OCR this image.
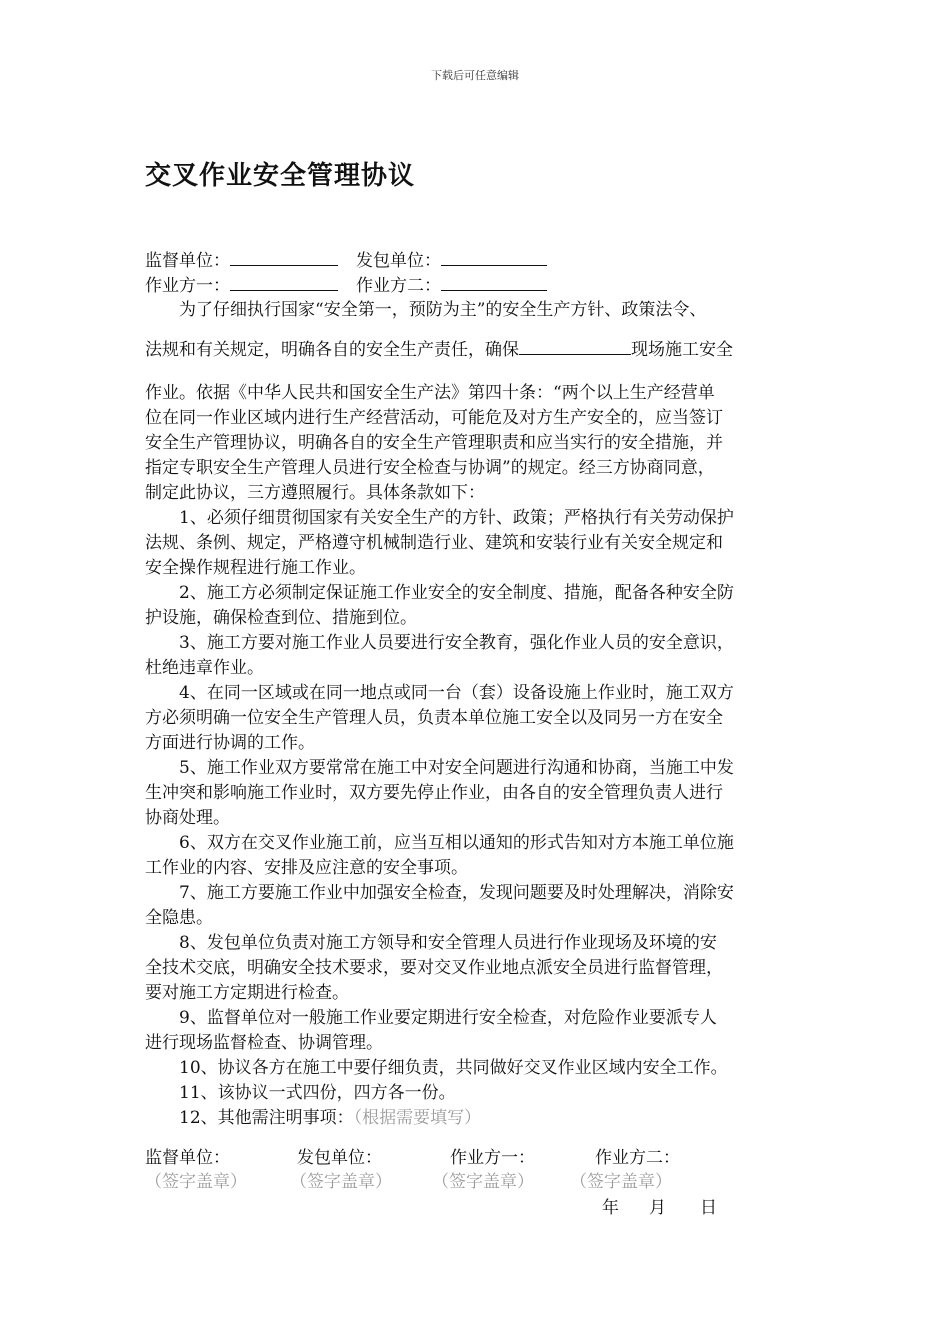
下载后可任意编辑
交叉作业安全管理协议
监督单位：	发包单位：
作业方一：	作业方二：
为了仔细执行国家“安全第一，预防为主”的安全生产方针、政策法令、
法规和有关规定，明确各自的安全生产责任，确保	现场施工安全
作业。依据《中华人民共和国安全生产法》第四十条：“两个以上生产经营单
位在同一作业区域内进行生产经营活动，可能危及对方生产安全的，应当签订
安全生产管理协议，明确各自的安全生产管理职责和应当实行的安全措施，并
指定专职安全生产管理人员进行安全检查与协调”的规定。经三方协商同意，
制定此协议，三方遵照履行。具体条款如下：
1、必须仔细贯彻国家有关安全生产的方针、政策；严格执行有关劳动保护
法规、条例、规定，严格遵守机械制造行业、建筑和安装行业有关安全规定和
安全操作规程进行施工作业。
2、施工方必须制定保证施工作业安全的安全制度、措施，配备各种安全防
护设施，确保检查到位、措施到位。
3、施工方要对施工作业人员要进行安全教育，强化作业人员的安全意识，
杜绝违章作业。
4、在同一区域或在同一地点或同一台（套）设备设施上作业时，施工双方
方必须明确一位安全生产管理人员，负责本单位施工安全以及同另一方在安全
方面进行协调的工作。
5、施工作业双方要常常在施工中对安全问题进行沟通和协商，当施工中发
生冲突和影响施工作业时，双方要先停止作业，由各自的安全管理负责人进行
协商处理。
6、双方在交叉作业施工前，应当互相以通知的形式告知对方本施工单位施
工作业的内容、安排及应注意的安全事项。
7、施工方要施工作业中加强安全检查，发现问题要及时处理解决，消除安
全隐患。
8、发包单位负责对施工方领导和安全管理人员进行作业现场及环境的安
全技术交底，明确安全技术要求，要对交叉作业地点派安全员进行监督管理，
要对施工方定期进行检查。
9、监督单位对一般施工作业要定期进行安全检查，对危险作业要派专人
进行现场监督检查、协调管理。
10、协议各方在施工中要仔细负责，共同做好交叉作业区域内安全工作。
11、该协议一式四份，四方各一份。
12、其他需注明事项：（根据需要填写）
监督单位：	发包单位：	作业方一：	作业方二：
（签字盖章）	（签字盖章） （签字盖章） （签字盖章）
年 月 日
